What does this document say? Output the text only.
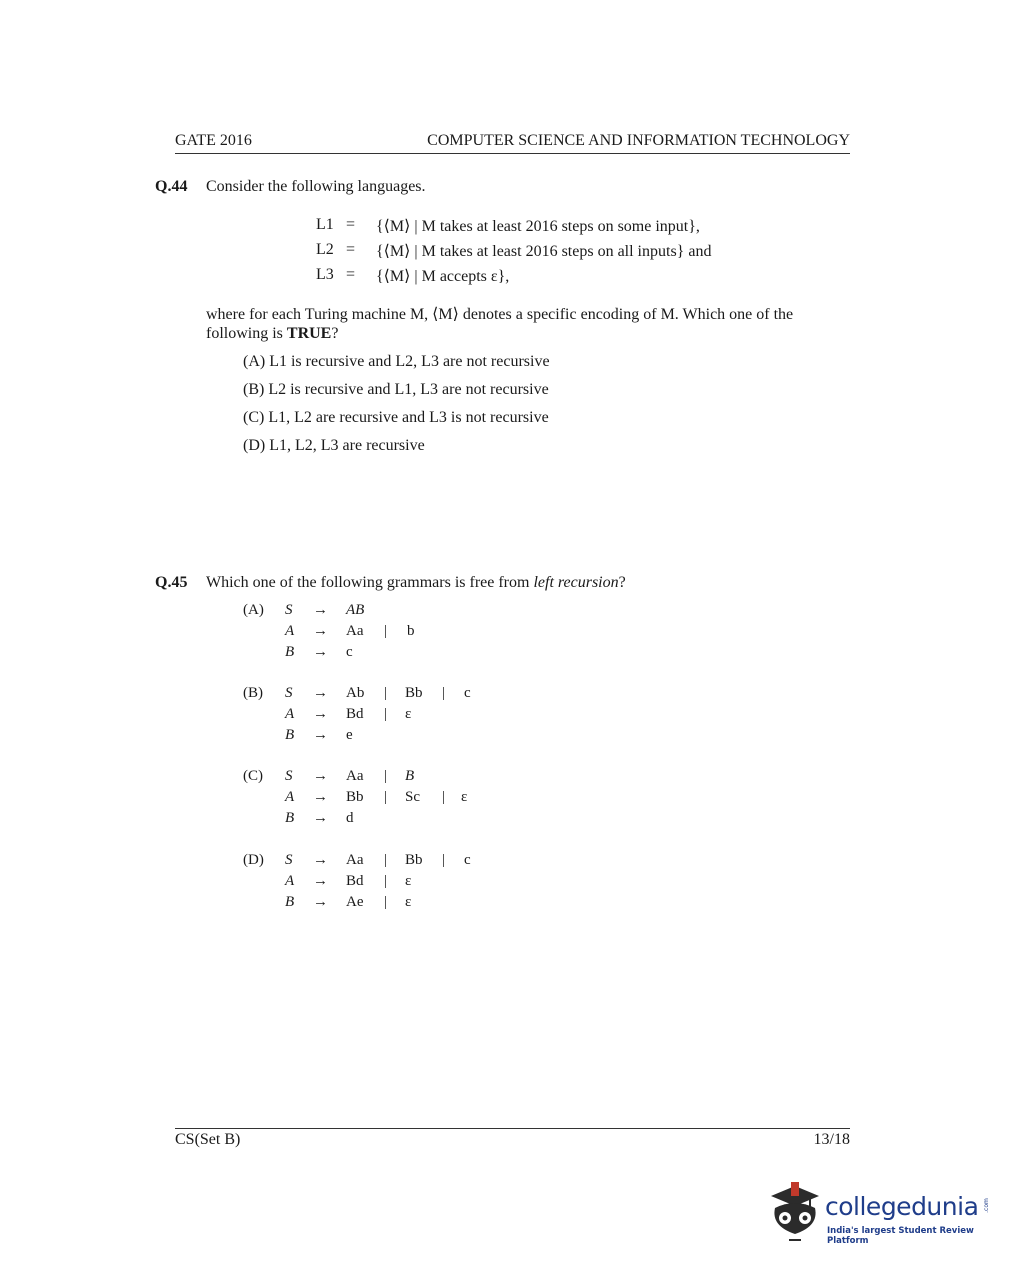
GATE 2016	COMPUTER SCIENCE AND INFORMATION TECHNOLOGY
Q.44 Consider the following languages.
L1 = {⟨M⟩ | M takes at least 2016 steps on some input},
L2 = {⟨M⟩ | M takes at least 2016 steps on all inputs} and
L3 = {⟨M⟩ | M accepts ε},
where for each Turing machine M, ⟨M⟩ denotes a specific encoding of M. Which one of the
following is TRUE?
(A) L1 is recursive and L2, L3 are not recursive
(B) L2 is recursive and L1, L3 are not recursive
(C) L1, L2 are recursive and L3 is not recursive
(D) L1, L2, L3 are recursive
Q.45 Which one of the following grammars is free from left recursion?
(A) S → AB
A → Aa | b
B → c
(B) S → Ab | Bb | c
A → Bd | ε
B → e
(C) S → Aa | B
A → Bb | Sc | ε
B → d
(D) S → Aa | Bb | c
A → Bd | ε
B → Ae | ε
CS(Set B)	13/18
collegedunia .com
India's largest Student Review Platform
